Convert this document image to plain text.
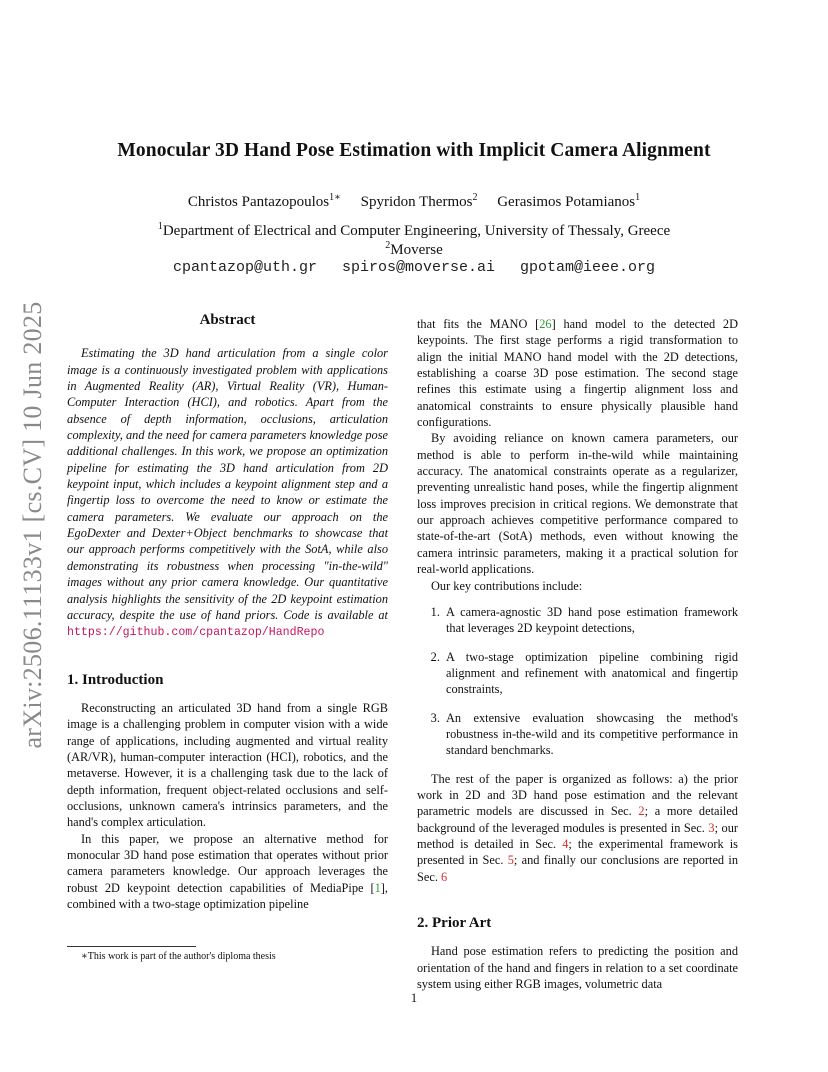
Monocular 3D Hand Pose Estimation with Implicit Camera Alignment
Christos Pantazopoulos$^{1∗}$ Spyridon Thermos$^2$ Gerasimos Potamianos$^1$
$^1$Department of Electrical and Computer Engineering, University of Thessaly, Greece
$^2$Moverse
cpantazop@uth.gr spiros@moverse.ai gpotam@ieee.org
arXiv:2506.11133v1 [cs.CV] 10 Jun 2025	Abstract

Estimating the 3D hand articulation from a single color image is a continuously investigated problem with applications in Augmented Reality (AR), Virtual Reality (VR), Human-Computer Interaction (HCI), and robotics. Apart from the absence of depth information, occlusions, articulation complexity, and the need for camera parameters knowledge pose additional challenges. In this work, we propose an optimization pipeline for estimating the 3D hand articulation from 2D keypoint input, which includes a keypoint alignment step and a fingertip loss to overcome the need to know or estimate the camera parameters. We evaluate our approach on the EgoDexter and Dexter+Object benchmarks to showcase that our approach performs competitively with the SotA, while also demonstrating its robustness when processing "in-the-wild" images without any prior camera knowledge. Our quantitative analysis highlights the sensitivity of the 2D keypoint estimation accuracy, despite the use of hand priors. Code is available at https://github.com/cpantazop/HandRepo

1. Introduction

Reconstructing an articulated 3D hand from a single RGB image is a challenging problem in computer vision with a wide range of applications, including augmented and virtual reality (AR/VR), human-computer interaction (HCI), robotics, and the metaverse. However, it is a challenging task due to the lack of depth information, frequent object-related occlusions and self-occlusions, unknown camera's intrinsics parameters, and the hand's complex articulation.

In this paper, we propose an alternative method for monocular 3D hand pose estimation that operates without prior camera parameters knowledge. Our approach leverages the robust 2D keypoint detection capabilities of MediaPipe [1], combined with a two-stage optimization pipeline

that fits the MANO [26] hand model to the detected 2D keypoints. The first stage performs a rigid transformation to align the initial MANO hand model with the 2D detections, establishing a coarse 3D pose estimation. The second stage refines this estimate using a fingertip alignment loss and anatomical constraints to ensure physically plausible hand configurations.

By avoiding reliance on known camera parameters, our method is able to perform in-the-wild while maintaining accuracy. The anatomical constraints operate as a regularizer, preventing unrealistic hand poses, while the fingertip alignment loss improves precision in critical regions. We demonstrate that our approach achieves competitive performance compared to state-of-the-art (SotA) methods, even without knowing the camera intrinsic parameters, making it a practical solution for real-world applications.

Our key contributions include:

1. A camera-agnostic 3D hand pose estimation framework that leverages 2D keypoint detections,
2. A two-stage optimization pipeline combining rigid alignment and refinement with anatomical and fingertip constraints,
3. An extensive evaluation showcasing the method's robustness in-the-wild and its competitive performance in standard benchmarks.

The rest of the paper is organized as follows: a) the prior work in 2D and 3D hand pose estimation and the relevant parametric models are discussed in Sec. 2; a more detailed background of the leveraged modules is presented in Sec. 3; our method is detailed in Sec. 4; the experimental framework is presented in Sec. 5; and finally our conclusions are reported in Sec. 6

2. Prior Art

Hand pose estimation refers to predicting the position and orientation of the hand and fingers in relation to a set coordinate system using either RGB images, volumetric data

∗This work is part of the author's diploma thesis
1
